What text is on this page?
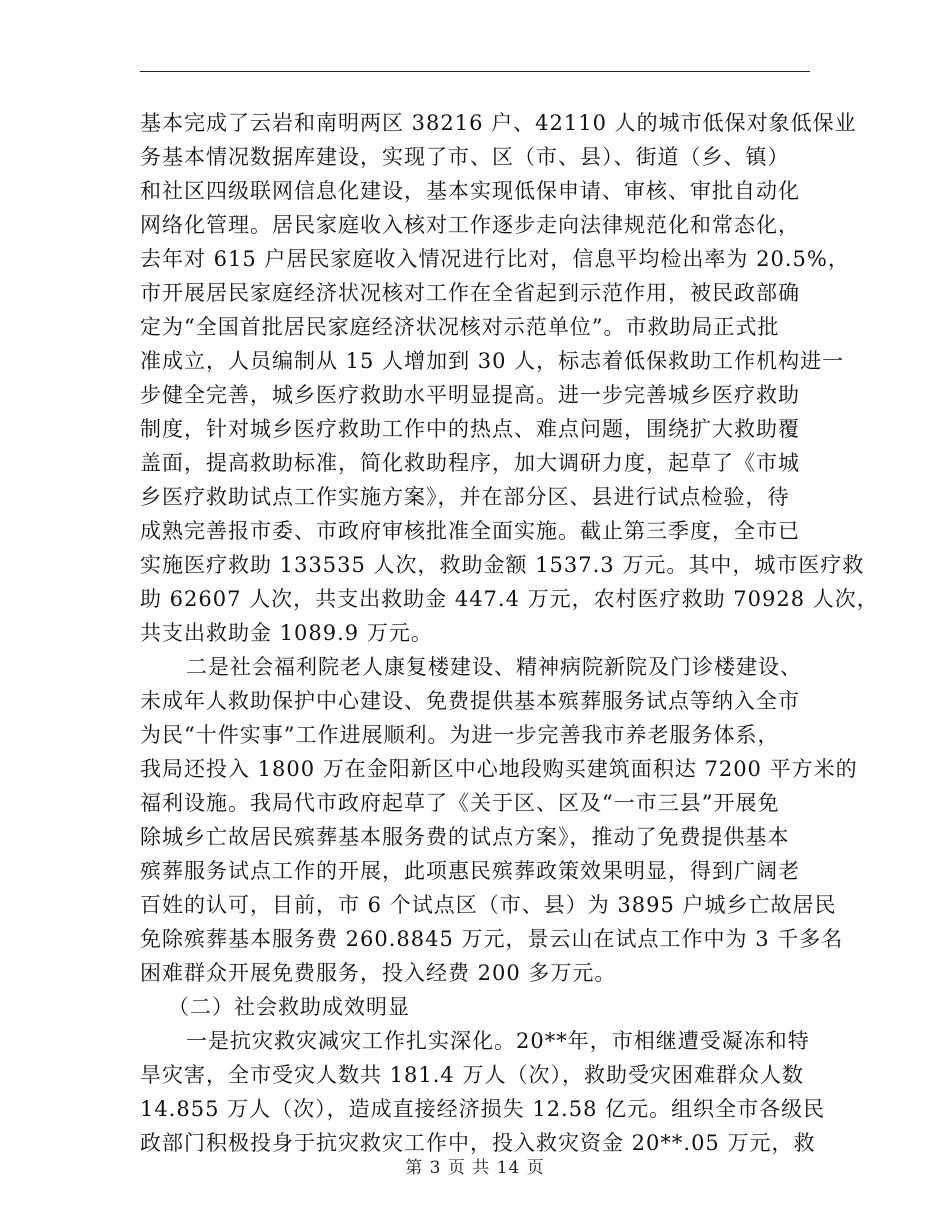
基本完成了云岩和南明两区 38216 户、42110 人的城市低保对象低保业
务基本情况数据库建设，实现了市、区（市、县）、街道（乡、镇）
和社区四级联网信息化建设，基本实现低保申请、审核、审批自动化
网络化管理。居民家庭收入核对工作逐步走向法律规范化和常态化，
去年对 615 户居民家庭收入情况进行比对，信息平均检出率为 20.5%，
市开展居民家庭经济状况核对工作在全省起到示范作用，被民政部确
定为“全国首批居民家庭经济状况核对示范单位”。市救助局正式批
准成立，人员编制从 15 人增加到 30 人，标志着低保救助工作机构进一
步健全完善，城乡医疗救助水平明显提高。进一步完善城乡医疗救助
制度，针对城乡医疗救助工作中的热点、难点问题，围绕扩大救助覆
盖面，提高救助标准，简化救助程序，加大调研力度，起草了《市城
乡医疗救助试点工作实施方案》，并在部分区、县进行试点检验，待
成熟完善报市委、市政府审核批准全面实施。截止第三季度，全市已
实施医疗救助 133535 人次，救助金额 1537.3 万元。其中，城市医疗救
助 62607 人次，共支出救助金 447.4 万元，农村医疗救助 70928 人次，
共支出救助金 1089.9 万元。
二是社会福利院老人康复楼建设、精神病院新院及门诊楼建设、
未成年人救助保护中心建设、免费提供基本殡葬服务试点等纳入全市
为民“十件实事”工作进展顺利。为进一步完善我市养老服务体系，
我局还投入 1800 万在金阳新区中心地段购买建筑面积达 7200 平方米的
福利设施。我局代市政府起草了《关于区、区及“一市三县”开展免
除城乡亡故居民殡葬基本服务费的试点方案》，推动了免费提供基本
殡葬服务试点工作的开展，此项惠民殡葬政策效果明显，得到广阔老
百姓的认可，目前，市 6 个试点区（市、县）为 3895 户城乡亡故居民
免除殡葬基本服务费 260.8845 万元，景云山在试点工作中为 3 千多名
困难群众开展免费服务，投入经费 200 多万元。
（二）社会救助成效明显
一是抗灾救灾减灾工作扎实深化。20**年，市相继遭受凝冻和特
旱灾害，全市受灾人数共 181.4 万人（次），救助受灾困难群众人数
14.855 万人（次），造成直接经济损失 12.58 亿元。组织全市各级民
政部门积极投身于抗灾救灾工作中，投入救灾资金 20**.05 万元，救
第 3 页 共 14 页
